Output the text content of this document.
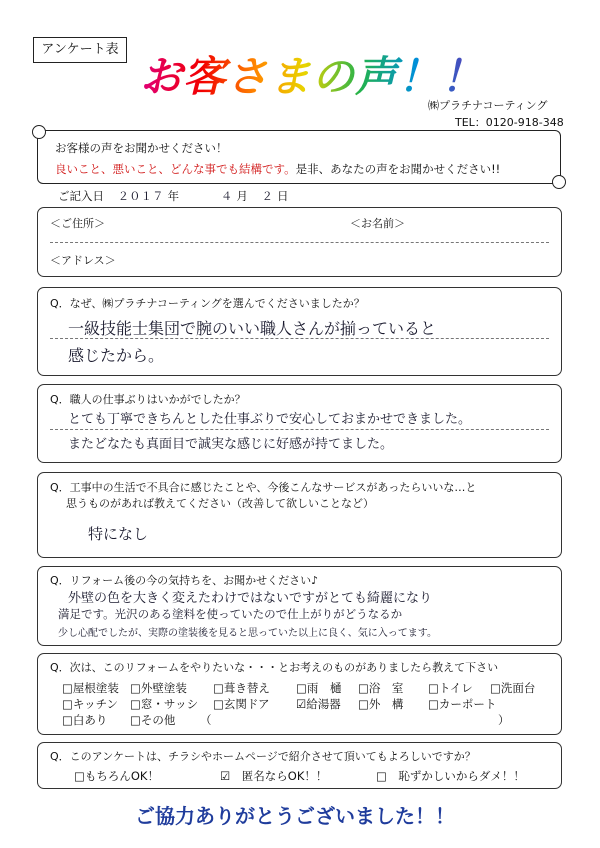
アンケート表
お客さまの声！！
㈱プラチナコーティング
TEL：0120-918-348
お客様の声をお聞かせください！
良いこと、悪いこと、どんな事でも結構です。是非、あなたの声をお聞かせください!!
ご記入日 ２０１７ 年	４ 月 ２ 日
＜ご住所＞	＜お名前＞
＜アドレス＞
Q．なぜ、㈱プラチナコーティングを選んでくださいましたか？
一級技能士集団で腕のいい職人さんが揃っていると
感じたから。
Q．職人の仕事ぶりはいかがでしたか？
とても丁寧できちんとした仕事ぶりで安心しておまかせできました。
またどなたも真面目で誠実な感じに好感が持てました。
Q．工事中の生活で不具合に感じたことや、今後こんなサービスがあったらいいな…と
思うものがあれば教えてください（改善して欲しいことなど）
特になし
Q．リフォーム後の今の気持ちを、お聞かせください♪
外壁の色を大きく変えたわけではないですがとても綺麗になり
満足です。光沢のある塗料を使っていたので仕上がりがどうなるか
少し心配でしたが、実際の塗装後を見ると思っていた以上に良く、気に入ってます。
Q．次は、このリフォームをやりたいな・・・とお考えのものがありましたら教えて下さい
□屋根塗装 □外壁塗装 □葺き替え □雨　樋 □浴　室 □トイレ □洗面台
□キッチン □窓・サッシ □玄関ドア ☑給湯器 □外　構 □カーポート
□白あり □その他 （	）
Q．このアンケートは、チラシやホームページで紹介させて頂いてもよろしいですか？
□もちろんOK！	☑　匿名ならOK！！	□　恥ずかしいからダメ！！
ご協力ありがとうございました！！
